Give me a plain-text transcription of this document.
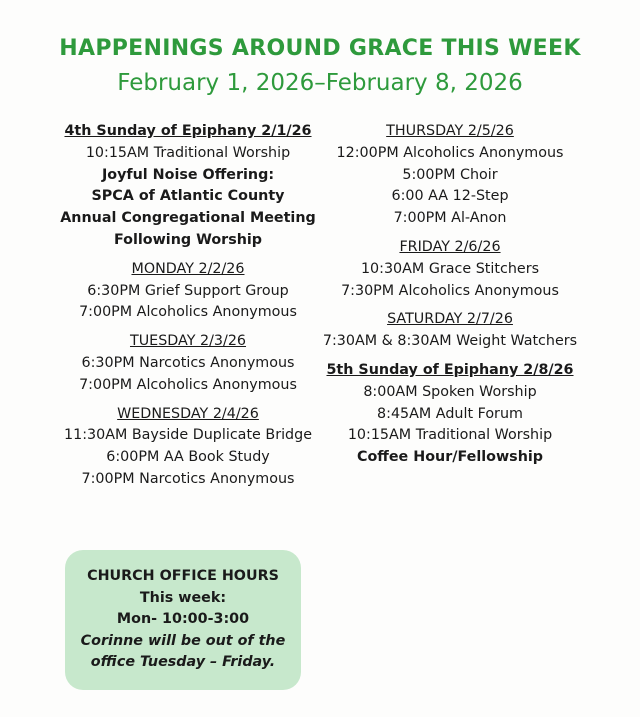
HAPPENINGS AROUND GRACE THIS WEEK
February 1, 2026–February 8, 2026
4th Sunday of Epiphany 2/1/26
10:15AM Traditional Worship
Joyful Noise Offering:
SPCA of Atlantic County
Annual Congregational Meeting
Following Worship
MONDAY 2/2/26
6:30PM Grief Support Group
7:00PM Alcoholics Anonymous
TUESDAY 2/3/26
6:30PM Narcotics Anonymous
7:00PM Alcoholics Anonymous
WEDNESDAY 2/4/26
11:30AM Bayside Duplicate Bridge
6:00PM AA Book Study
7:00PM Narcotics Anonymous
THURSDAY 2/5/26
12:00PM Alcoholics Anonymous
5:00PM Choir
6:00 AA 12-Step
7:00PM Al-Anon
FRIDAY 2/6/26
10:30AM Grace Stitchers
7:30PM Alcoholics Anonymous
SATURDAY 2/7/26
7:30AM & 8:30AM Weight Watchers
5th Sunday of Epiphany 2/8/26
8:00AM Spoken Worship
8:45AM Adult Forum
10:15AM Traditional Worship
Coffee Hour/Fellowship
CHURCH OFFICE HOURS
This week:
Mon- 10:00-3:00
Corinne will be out of the
office Tuesday – Friday.
